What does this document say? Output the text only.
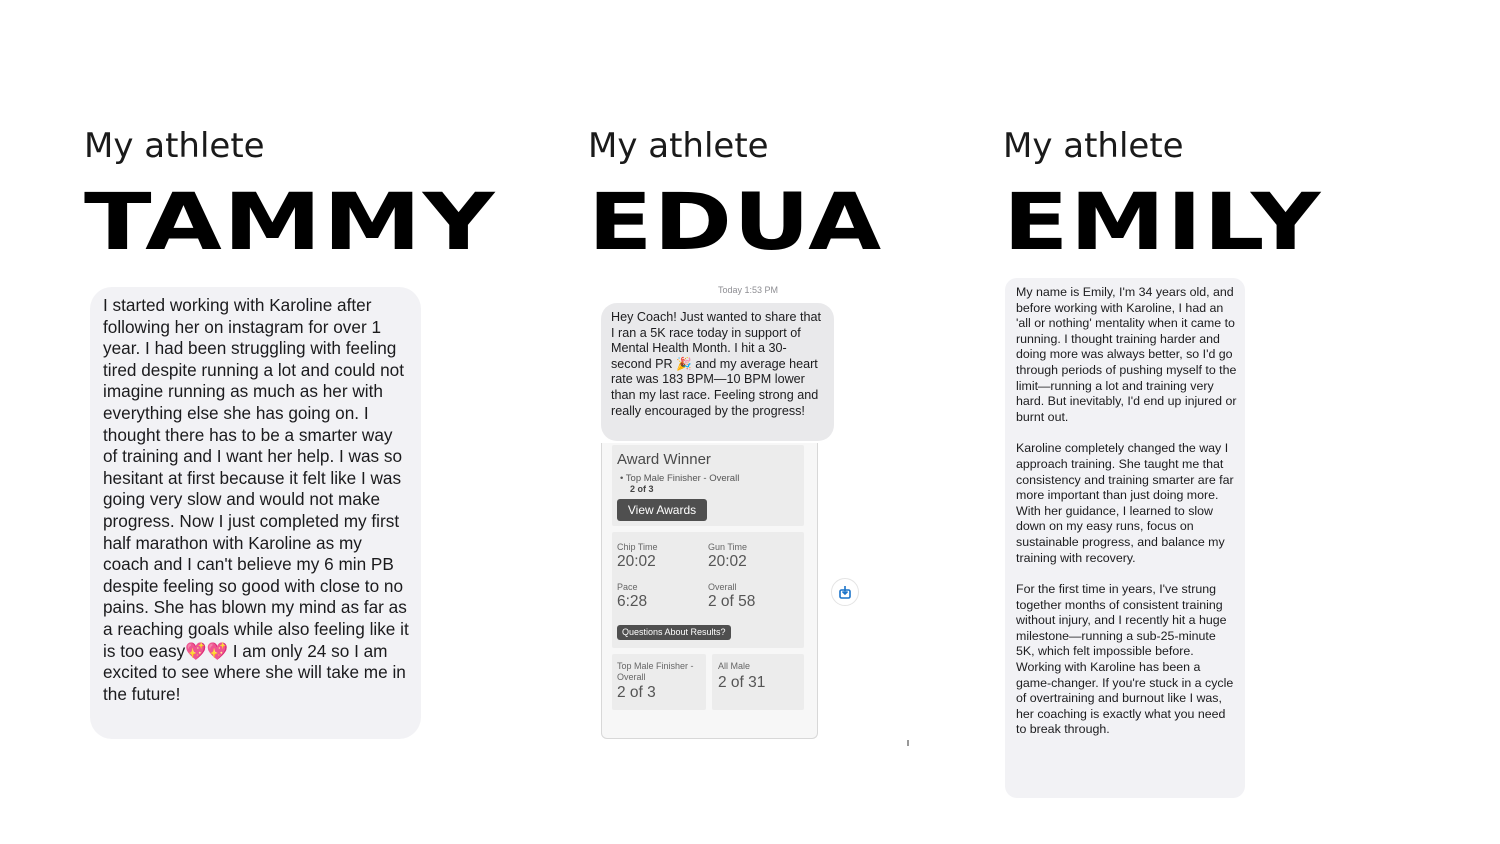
My athlete
TAMMY
I started working with Karoline after following her on instagram for over 1 year. I had been struggling with feeling tired despite running a lot and could not imagine running as much as her with everything else she has going on. I thought there has to be a smarter way of training and I want her help. I was so hesitant at first because it felt like I was going very slow and would not make progress. Now I just completed my first half marathon with Karoline as my coach and I can't believe my 6 min PB despite feeling so good with close to no pains. She has blown my mind as far as a reaching goals while also feeling like it is too easy💖💖 I am only 24 so I am excited to see where she will take me in the future!
My athlete
EDUA
Today 1:53 PM
Hey Coach! Just wanted to share that I ran a 5K race today in support of Mental Health Month. I hit a 30-second PR 🎉 and my average heart rate was 183 BPM—10 BPM lower than my last race. Feeling strong and really encouraged by the progress!
Award Winner
• Top Male Finisher - Overall
2 of 3
View Awards
Chip Time
20:02
Gun Time
20:02
Pace
6:28
Overall
2 of 58
Questions About Results?
Top Male Finisher - Overall
2 of 3
All Male
2 of 31
My athlete
EMILY

My name is Emily, I'm 34 years old, and before working with Karoline, I had an 'all or nothing' mentality when it came to running. I thought training harder and doing more was always better, so I'd go through periods of pushing myself to the limit—running a lot and training very hard. But inevitably, I'd end up injured or burnt out.

Karoline completely changed the way I approach training. She taught me that consistency and training smarter are far more important than just doing more. With her guidance, I learned to slow down on my easy runs, focus on sustainable progress, and balance my training with recovery.

For the first time in years, I've strung together months of consistent training without injury, and I recently hit a huge milestone—running a sub-25-minute 5K, which felt impossible before. Working with Karoline has been a game-changer. If you're stuck in a cycle of overtraining and burnout like I was, her coaching is exactly what you need to break through.
